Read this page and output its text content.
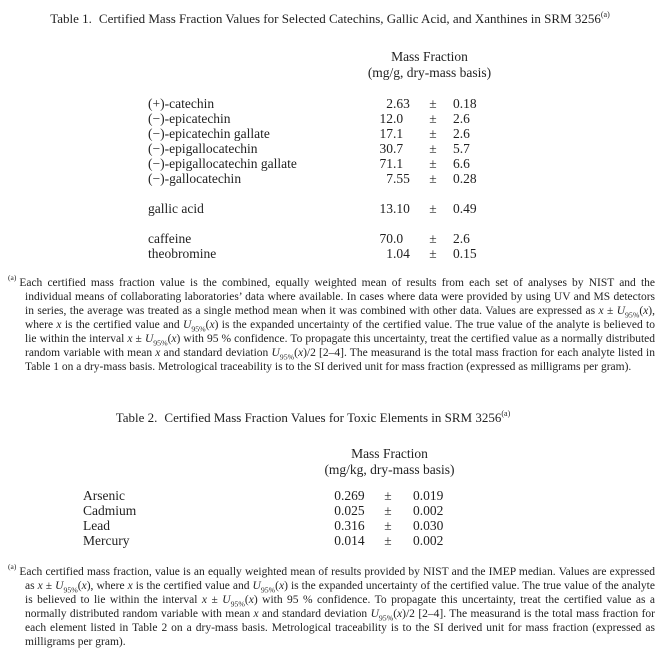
Table 1. Certified Mass Fraction Values for Selected Catechins, Gallic Acid, and Xanthines in SRM 3256$^{(a)}$
Mass Fraction
(mg/g, dry-mass basis)
(+)-catechin	2 .63	±	0.18
(−)-epicatechin	12 .0	±	2.6
(−)-epicatechin gallate	17 .1	±	2.6
(−)-epigallocatechin	30 .7	±	5.7
(−)-epigallocatechin gallate	71 .1	±	6.6
(−)-gallocatechin	7 .55	±	0.28
gallic acid	13 .10	±	0.49
caffeine	70 .0	±	2.6
theobromine	1 .04	±	0.15
$^{(a)}$ Each certified mass fraction value is the combined, equally weighted mean of results from each set of analyses by NIST and the individual means of collaborating laboratories’ data where available. In cases where data were provided by using UV and MS detectors in series, the average was treated as a single method mean when it was combined with other data. Values are expressed as $x \pm U_{95\%}(x)$, where x is the certified value and $U_{95\%}(x)$ is the expanded uncertainty of the certified value. The true value of the analyte is believed to lie within the interval $x \pm U_{95\%}(x)$ with 95 % confidence. To propagate this uncertainty, treat the certified value as a normally distributed random variable with mean x and standard deviation $U_{95\%}(x)/2$ [2–4]. The measurand is the total mass fraction for each analyte listed in Table 1 on a dry-mass basis. Metrological traceability is to the SI derived unit for mass fraction (expressed as milligrams per gram).
Table 2. Certified Mass Fraction Values for Toxic Elements in SRM 3256$^{(a)}$
Mass Fraction
(mg/kg, dry-mass basis)
Arsenic	0 .269	±	0.019
Cadmium	0 .025	±	0.002
Lead	0 .316	±	0.030
Mercury	0 .014	±	0.002
$^{(a)}$ Each certified mass fraction, value is an equally weighted mean of results provided by NIST and the IMEP median. Values are expressed as $x \pm U_{95\%}(x)$, where x is the certified value and $U_{95\%}(x)$ is the expanded uncertainty of the certified value. The true value of the analyte is believed to lie within the interval $x \pm U_{95\%}(x)$ with 95 % confidence. To propagate this uncertainty, treat the certified value as a normally distributed random variable with mean x and standard deviation $U_{95\%}(x)/2$ [2–4]. The measurand is the total mass fraction for each element listed in Table 2 on a dry-mass basis. Metrological traceability is to the SI derived unit for mass fraction (expressed as milligrams per gram).
